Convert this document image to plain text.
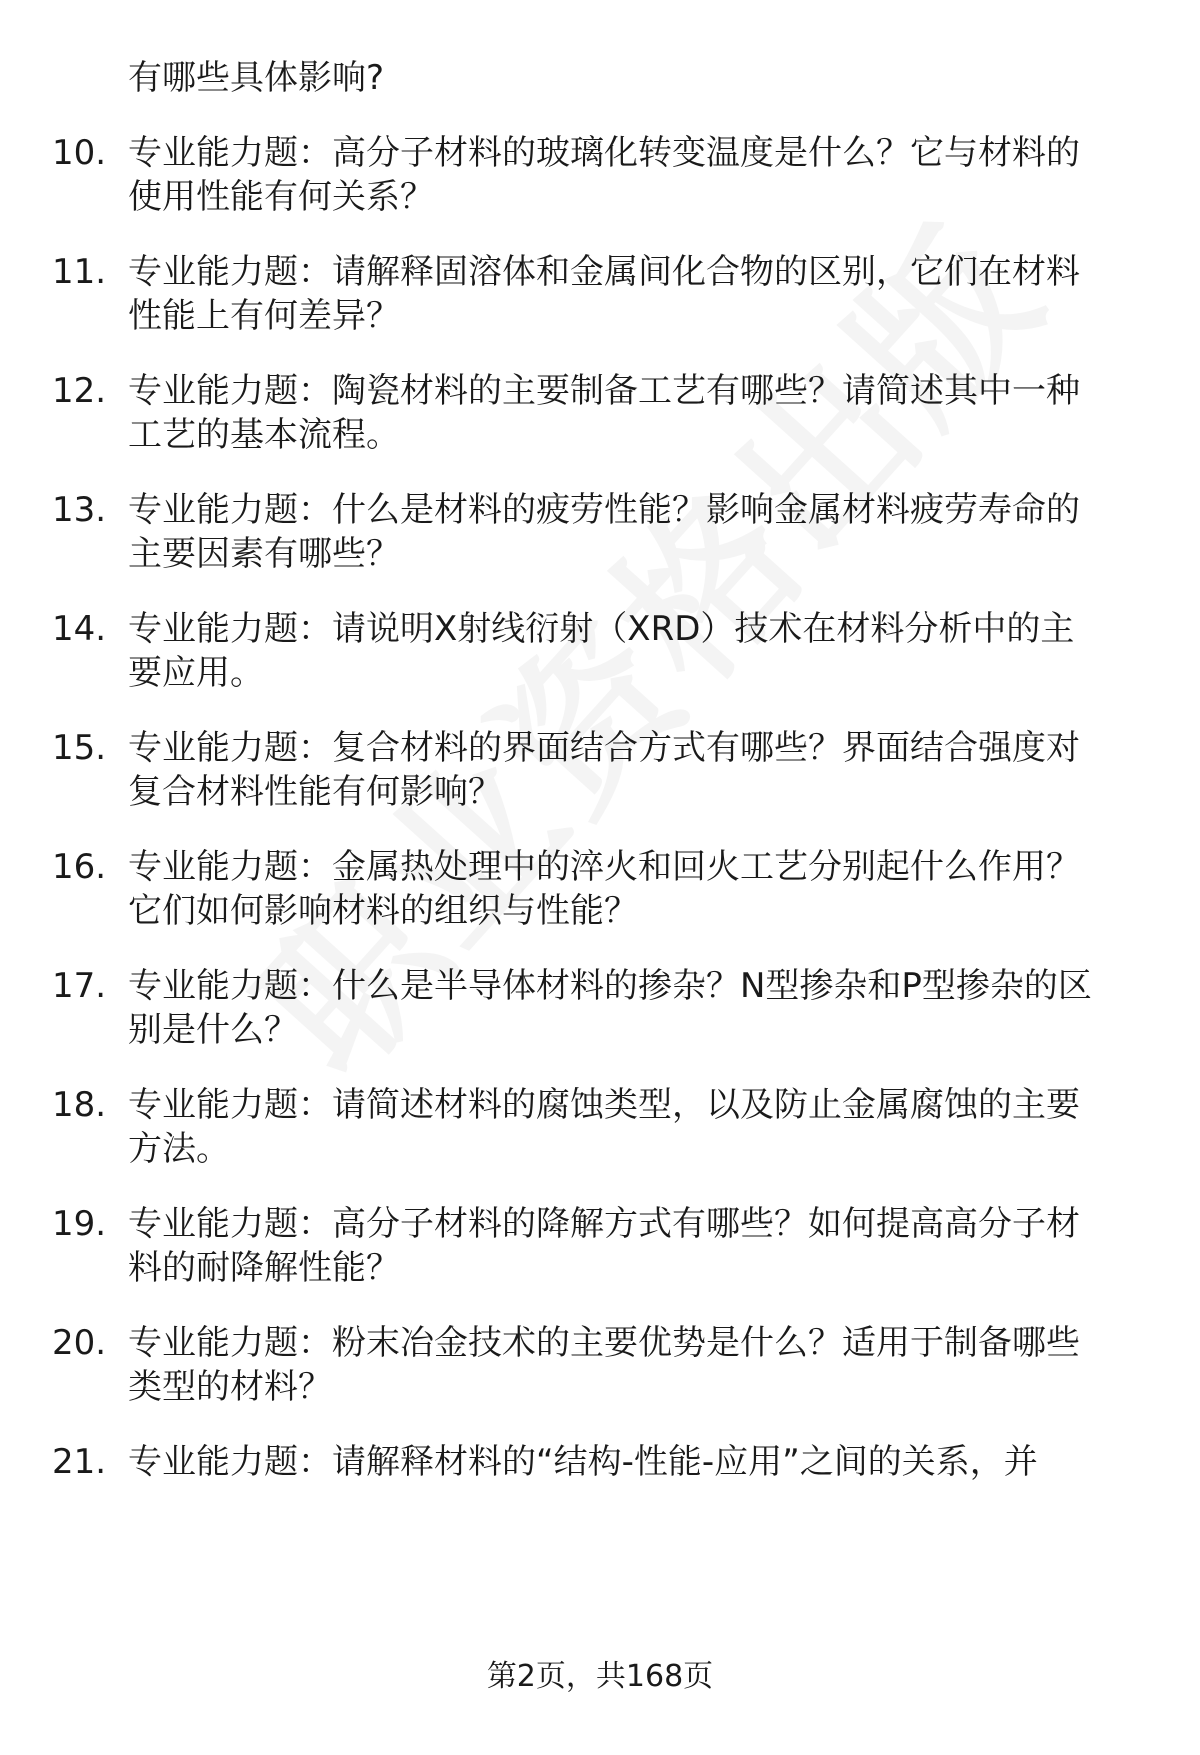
有哪些具体影响?
10. 专业能力题：高分子材料的玻璃化转变温度是什么？它与材料的
使用性能有何关系？
11. 专业能力题：请解释固溶体和金属间化合物的区别，它们在材料
性能上有何差异？
12. 专业能力题：陶瓷材料的主要制备工艺有哪些？请简述其中一种
工艺的基本流程。
13. 专业能力题：什么是材料的疲劳性能？影响金属材料疲劳寿命的
主要因素有哪些？
14. 专业能力题：请说明X射线衍射（XRD）技术在材料分析中的主
要应用。
15. 专业能力题：复合材料的界面结合方式有哪些？界面结合强度对
复合材料性能有何影响？
16. 专业能力题：金属热处理中的淬火和回火工艺分别起什么作用？
它们如何影响材料的组织与性能？
17. 专业能力题：什么是半导体材料的掺杂？N型掺杂和P型掺杂的区
别是什么？
18. 专业能力题：请简述材料的腐蚀类型，以及防止金属腐蚀的主要
方法。
19. 专业能力题：高分子材料的降解方式有哪些？如何提高高分子材
料的耐降解性能？
20. 专业能力题：粉末冶金技术的主要优势是什么？适用于制备哪些
类型的材料？
21. 专业能力题：请解释材料的“结构-性能-应用”之间的关系，并
第2页，共168页
